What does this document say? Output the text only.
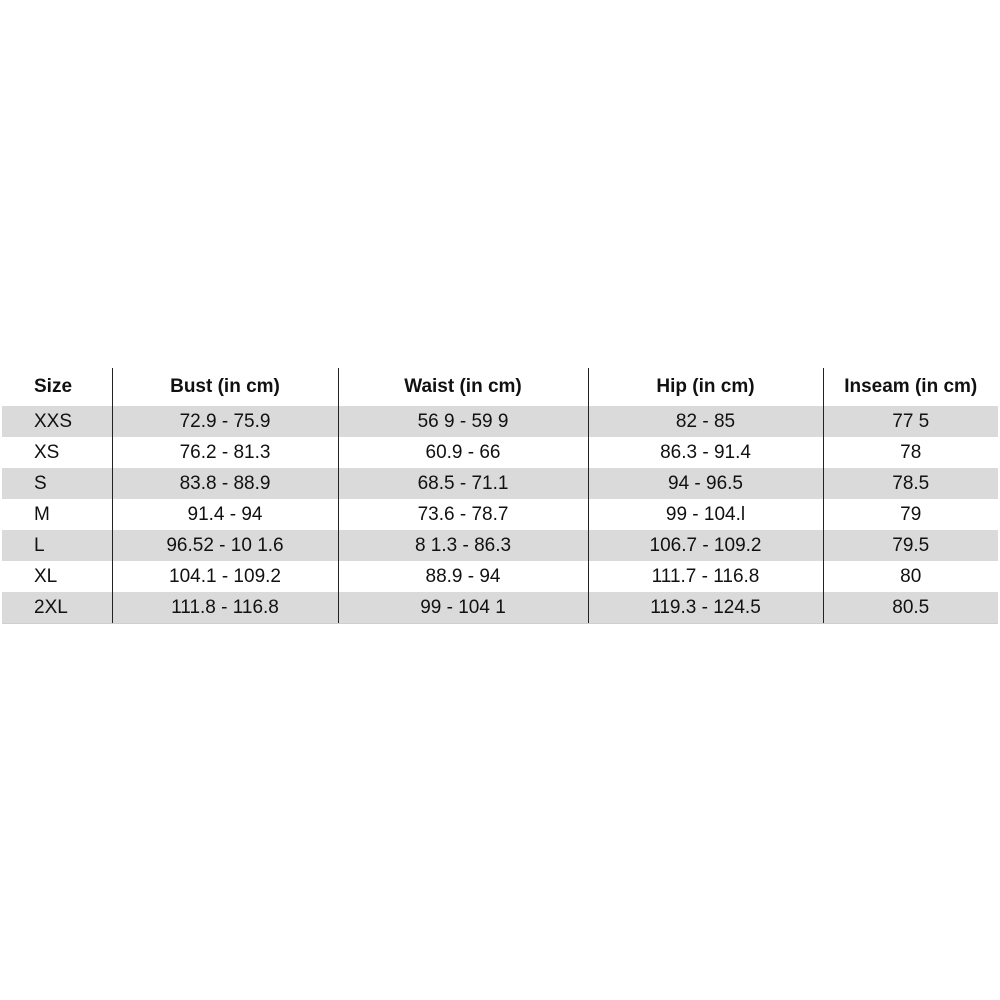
Size	Bust (in cm)	Waist (in cm)	Hip (in cm)	Inseam (in cm)
XXS	72.9 - 75.9	56 9 - 59 9	82 - 85	77 5
XS	76.2 - 81.3	60.9 - 66	86.3 - 91.4	78
S	83.8 - 88.9	68.5 - 71.1	94 - 96.5	78.5
M	91.4 - 94	73.6 - 78.7	99 - 104.l	79
L	96.52 - 10 1.6	8 1.3 - 86.3	106.7 - 109.2	79.5
XL	104.1 - 109.2	88.9 - 94	111.7 - 116.8	80
2XL	111.8 - 116.8	99 - 104 1	119.3 - 124.5	80.5
